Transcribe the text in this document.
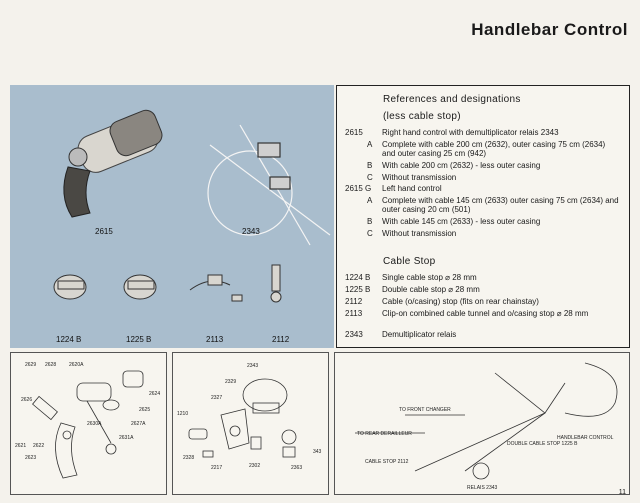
Handlebar Control
2615	2343
1224 B	1225 B	2113	2112
References and designations
(less cable stop)
2615	Right hand control with demultiplicator relais 2343
A	Complete with cable 200 cm (2632), outer casing 75 cm (2634) and outer casing 25 cm (942)
B	With cable 200 cm (2632) - less outer casing
C	Without transmission
2615 G	Left hand control
A	Complete with cable 145 cm (2633) outer casing 75 cm (2634) and outer casing 20 cm (501)
B	With cable 145 cm (2633) - less outer casing
C	Without transmission
Cable Stop
1224 B	Single cable stop ⌀ 28 mm
1225 B	Double cable stop ⌀ 28 mm
2112	Cable (o/casing) stop (fits on rear chainstay)
2113	Clip-on combined cable tunnel and o/casing stop ⌀ 28 mm
2343	Demultiplicator relais
2629 2628	2620A
2626
2624
2625
2627A
2630A
2631A
2621 2622
2623
2343
2329
2327
1210
2328
2217	2302	2363
343
TO FRONT CHANGER
TO REAR DERAILLEUR
CABLE STOP 2112
DOUBLE CABLE STOP 1225 B
HANDLEBAR CONTROL
RELAIS 2343
11
